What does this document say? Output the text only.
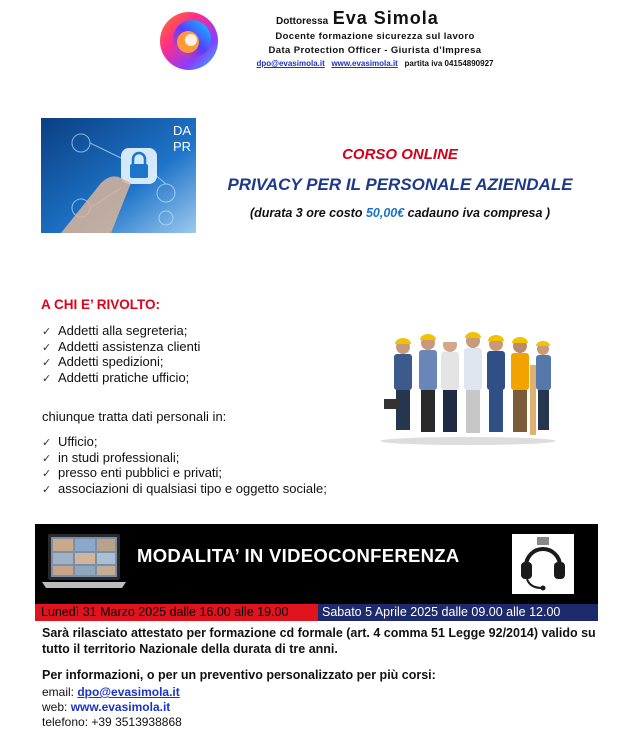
Dottoressa Eva Simola
Docente formazione sicurezza sul lavoro
Data Protection Officer - Giurista d’Impresa
dpo@evasimola.it www.evasimola.it partita iva 04154890927
DA
PR	CORSO ONLINE
PRIVACY PER IL PERSONALE AZIENDALE
(durata 3 ore costo 50,00€ cadauno iva compresa )
A CHI E’ RIVOLTO:
✓ Addetti alla segreteria;
✓ Addetti assistenza clienti
✓ Addetti spedizioni;
✓ Addetti pratiche ufficio;
chiunque tratta dati personali in:
✓ Ufficio;
✓ in studi professionali;
✓ presso enti pubblici e privati;
✓ associazioni di qualsiasi tipo e oggetto sociale;
MODALITA’ IN VIDEOCONFERENZA
Lunedì 31 Marzo 2025 dalle 16.00 alle 19.00	Sabato 5 Aprile 2025 dalle 09.00 alle 12.00
Sarà rilasciato attestato per formazione cd formale (art. 4 comma 51 Legge 92/2014) valido su tutto il territorio Nazionale della durata di tre anni.
Per informazioni, o per un preventivo personalizzato per più corsi:
email: dpo@evasimola.it
web: www.evasimola.it
telefono: +39 3513938868
